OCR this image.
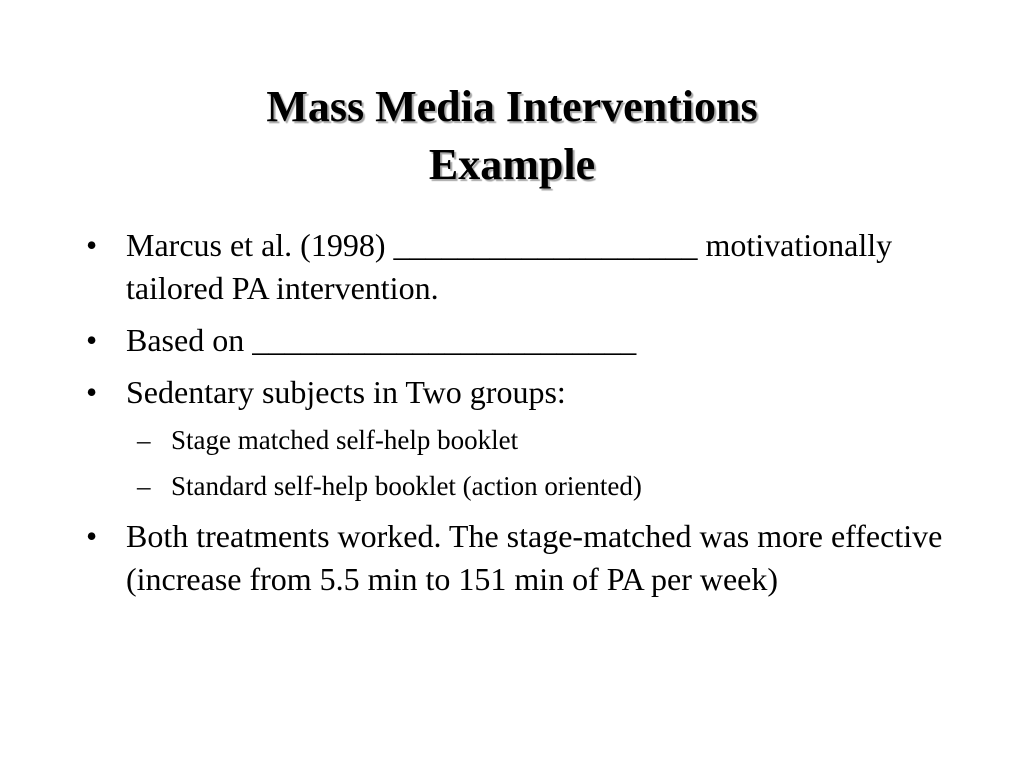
Mass Media Interventions
Example
• Marcus et al. (1998) ___________________ motivationally tailored PA intervention.
• Based on ________________________
• Sedentary subjects in Two groups:
– Stage matched self-help booklet
– Standard self-help booklet (action oriented)
• Both treatments worked. The stage-matched was more effective (increase from 5.5 min to 151 min of PA per week)
